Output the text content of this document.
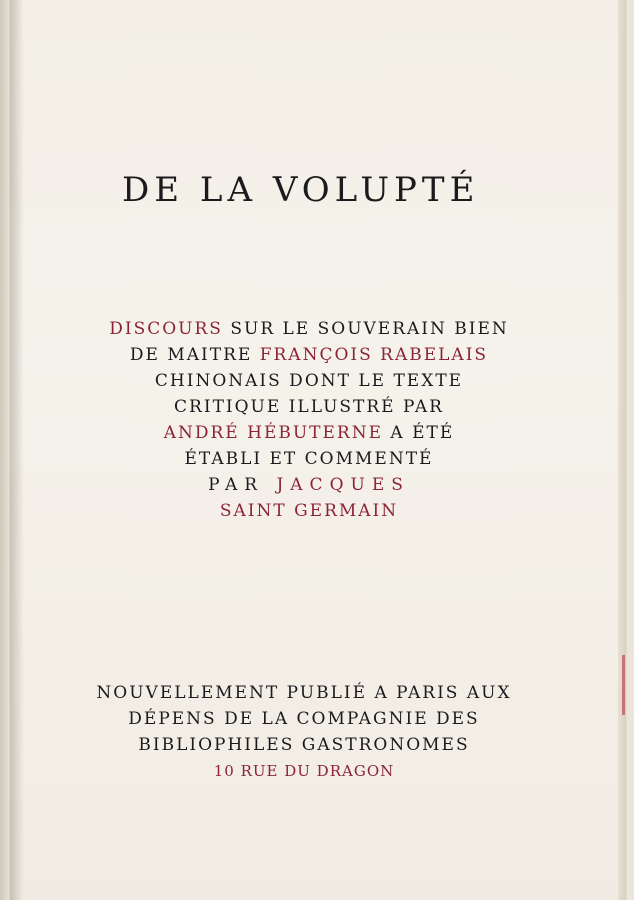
DE LA VOLUPTÉ
DISCOURS SUR LE SOUVERAIN BIEN
DE MAITRE FRANÇOIS RABELAIS
CHINONAIS DONT LE TEXTE
CRITIQUE ILLUSTRÉ PAR
ANDRÉ HÉBUTERNE A ÉTÉ
ÉTABLI ET COMMENTÉ
PAR JACQUES
SAINT GERMAIN
NOUVELLEMENT PUBLIÉ A PARIS AUX
DÉPENS DE LA COMPAGNIE DES
BIBLIOPHILES GASTRONOMES
10 RUE DU DRAGON
